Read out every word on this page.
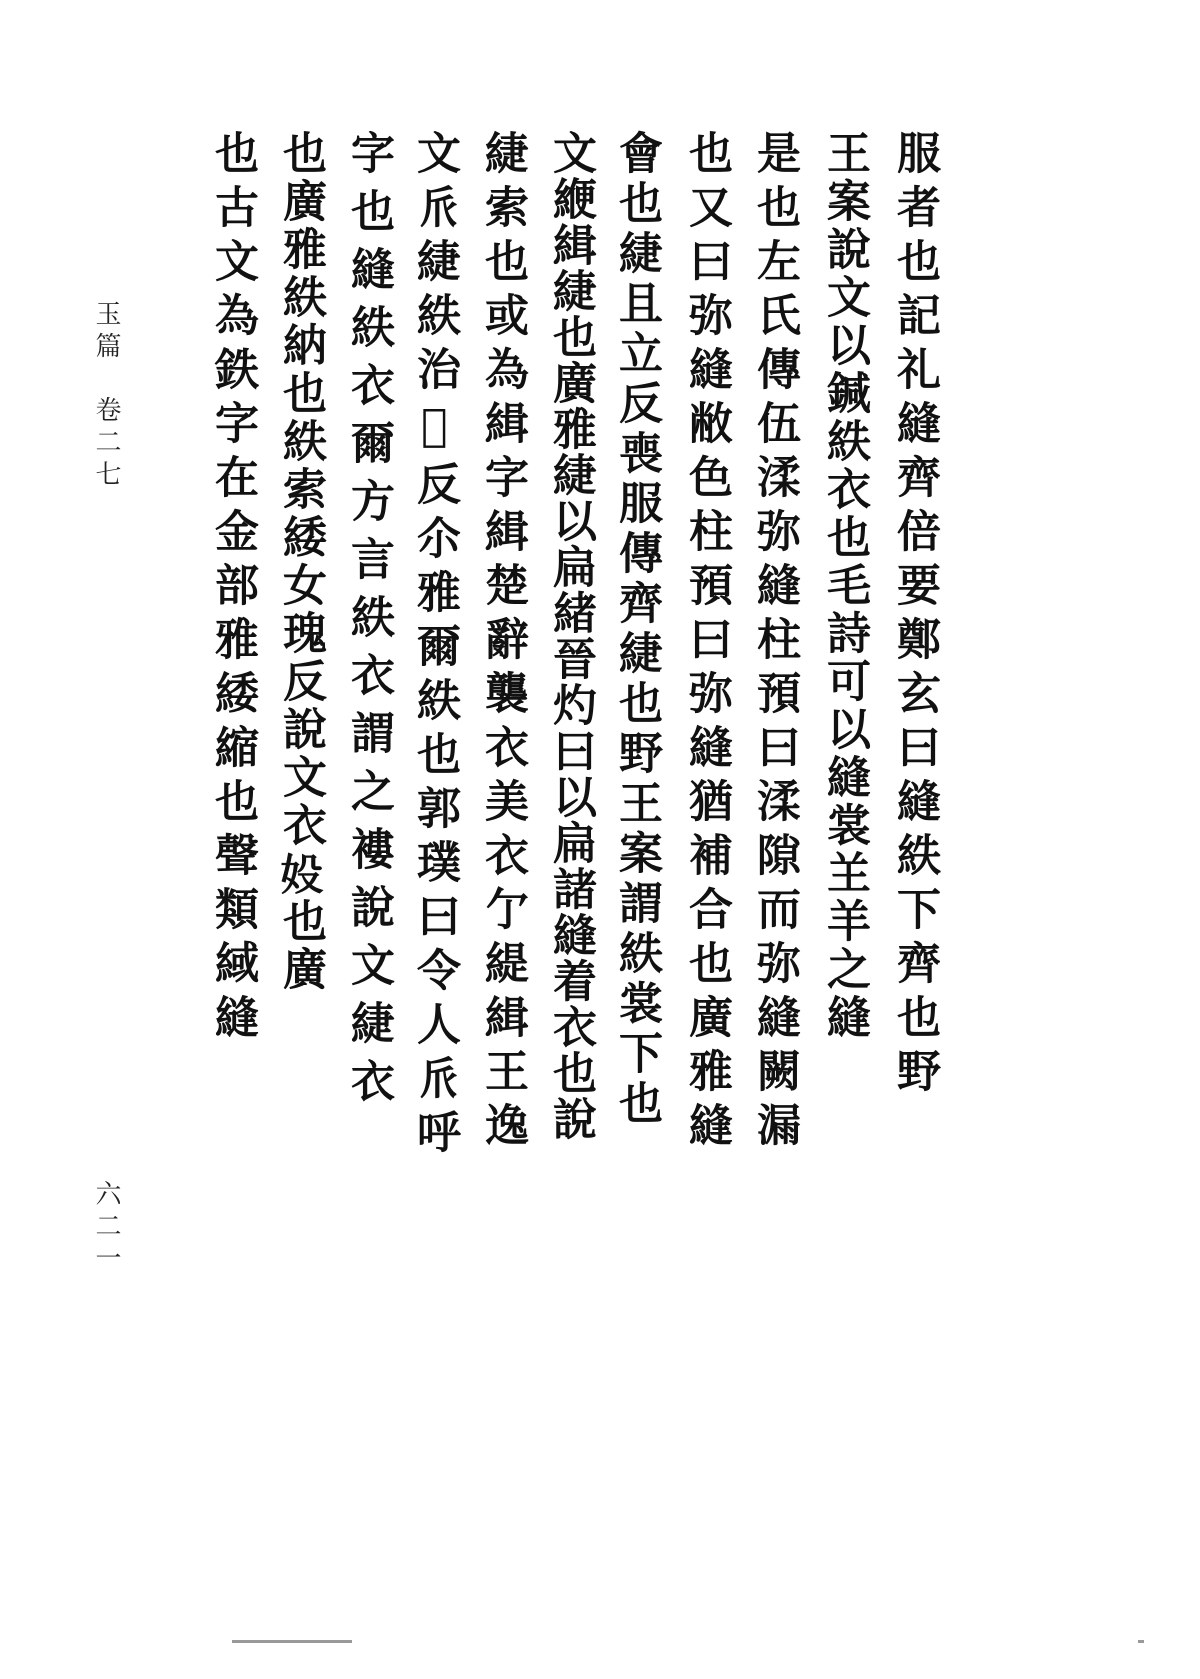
玉篇　卷二七
六二一
服者也記礼縫齊倍要鄭玄曰縫紩下齊也野
王案說文以鍼紩衣也毛詩可以縫裳𦍌羊之縫
是也左氏傳伍渘弥縫柱預曰渘隙而弥縫闕漏
也又曰弥縫敝色柱預曰弥縫猶補合也廣雅縫
會也緁且立反喪服傳齊緁也野王案謂紩裳下也
文緶緝緁也廣雅緁以扁緒晉灼曰以扁諸縫着衣也說
緁索也或為緝字緝楚辭襲衣美衣亇緹緝王逸
文𠂢緁紩治𦂧反尒雅爾紩也郭璞曰令人𠂢呼
字也縫紩衣爾方言紩衣謂之褸說文緁衣
也廣雅紩納也紩索緌女瑰反說文衣𡚾也廣
也古文為鉄字在金部雅緌縮也聲類緎縫
